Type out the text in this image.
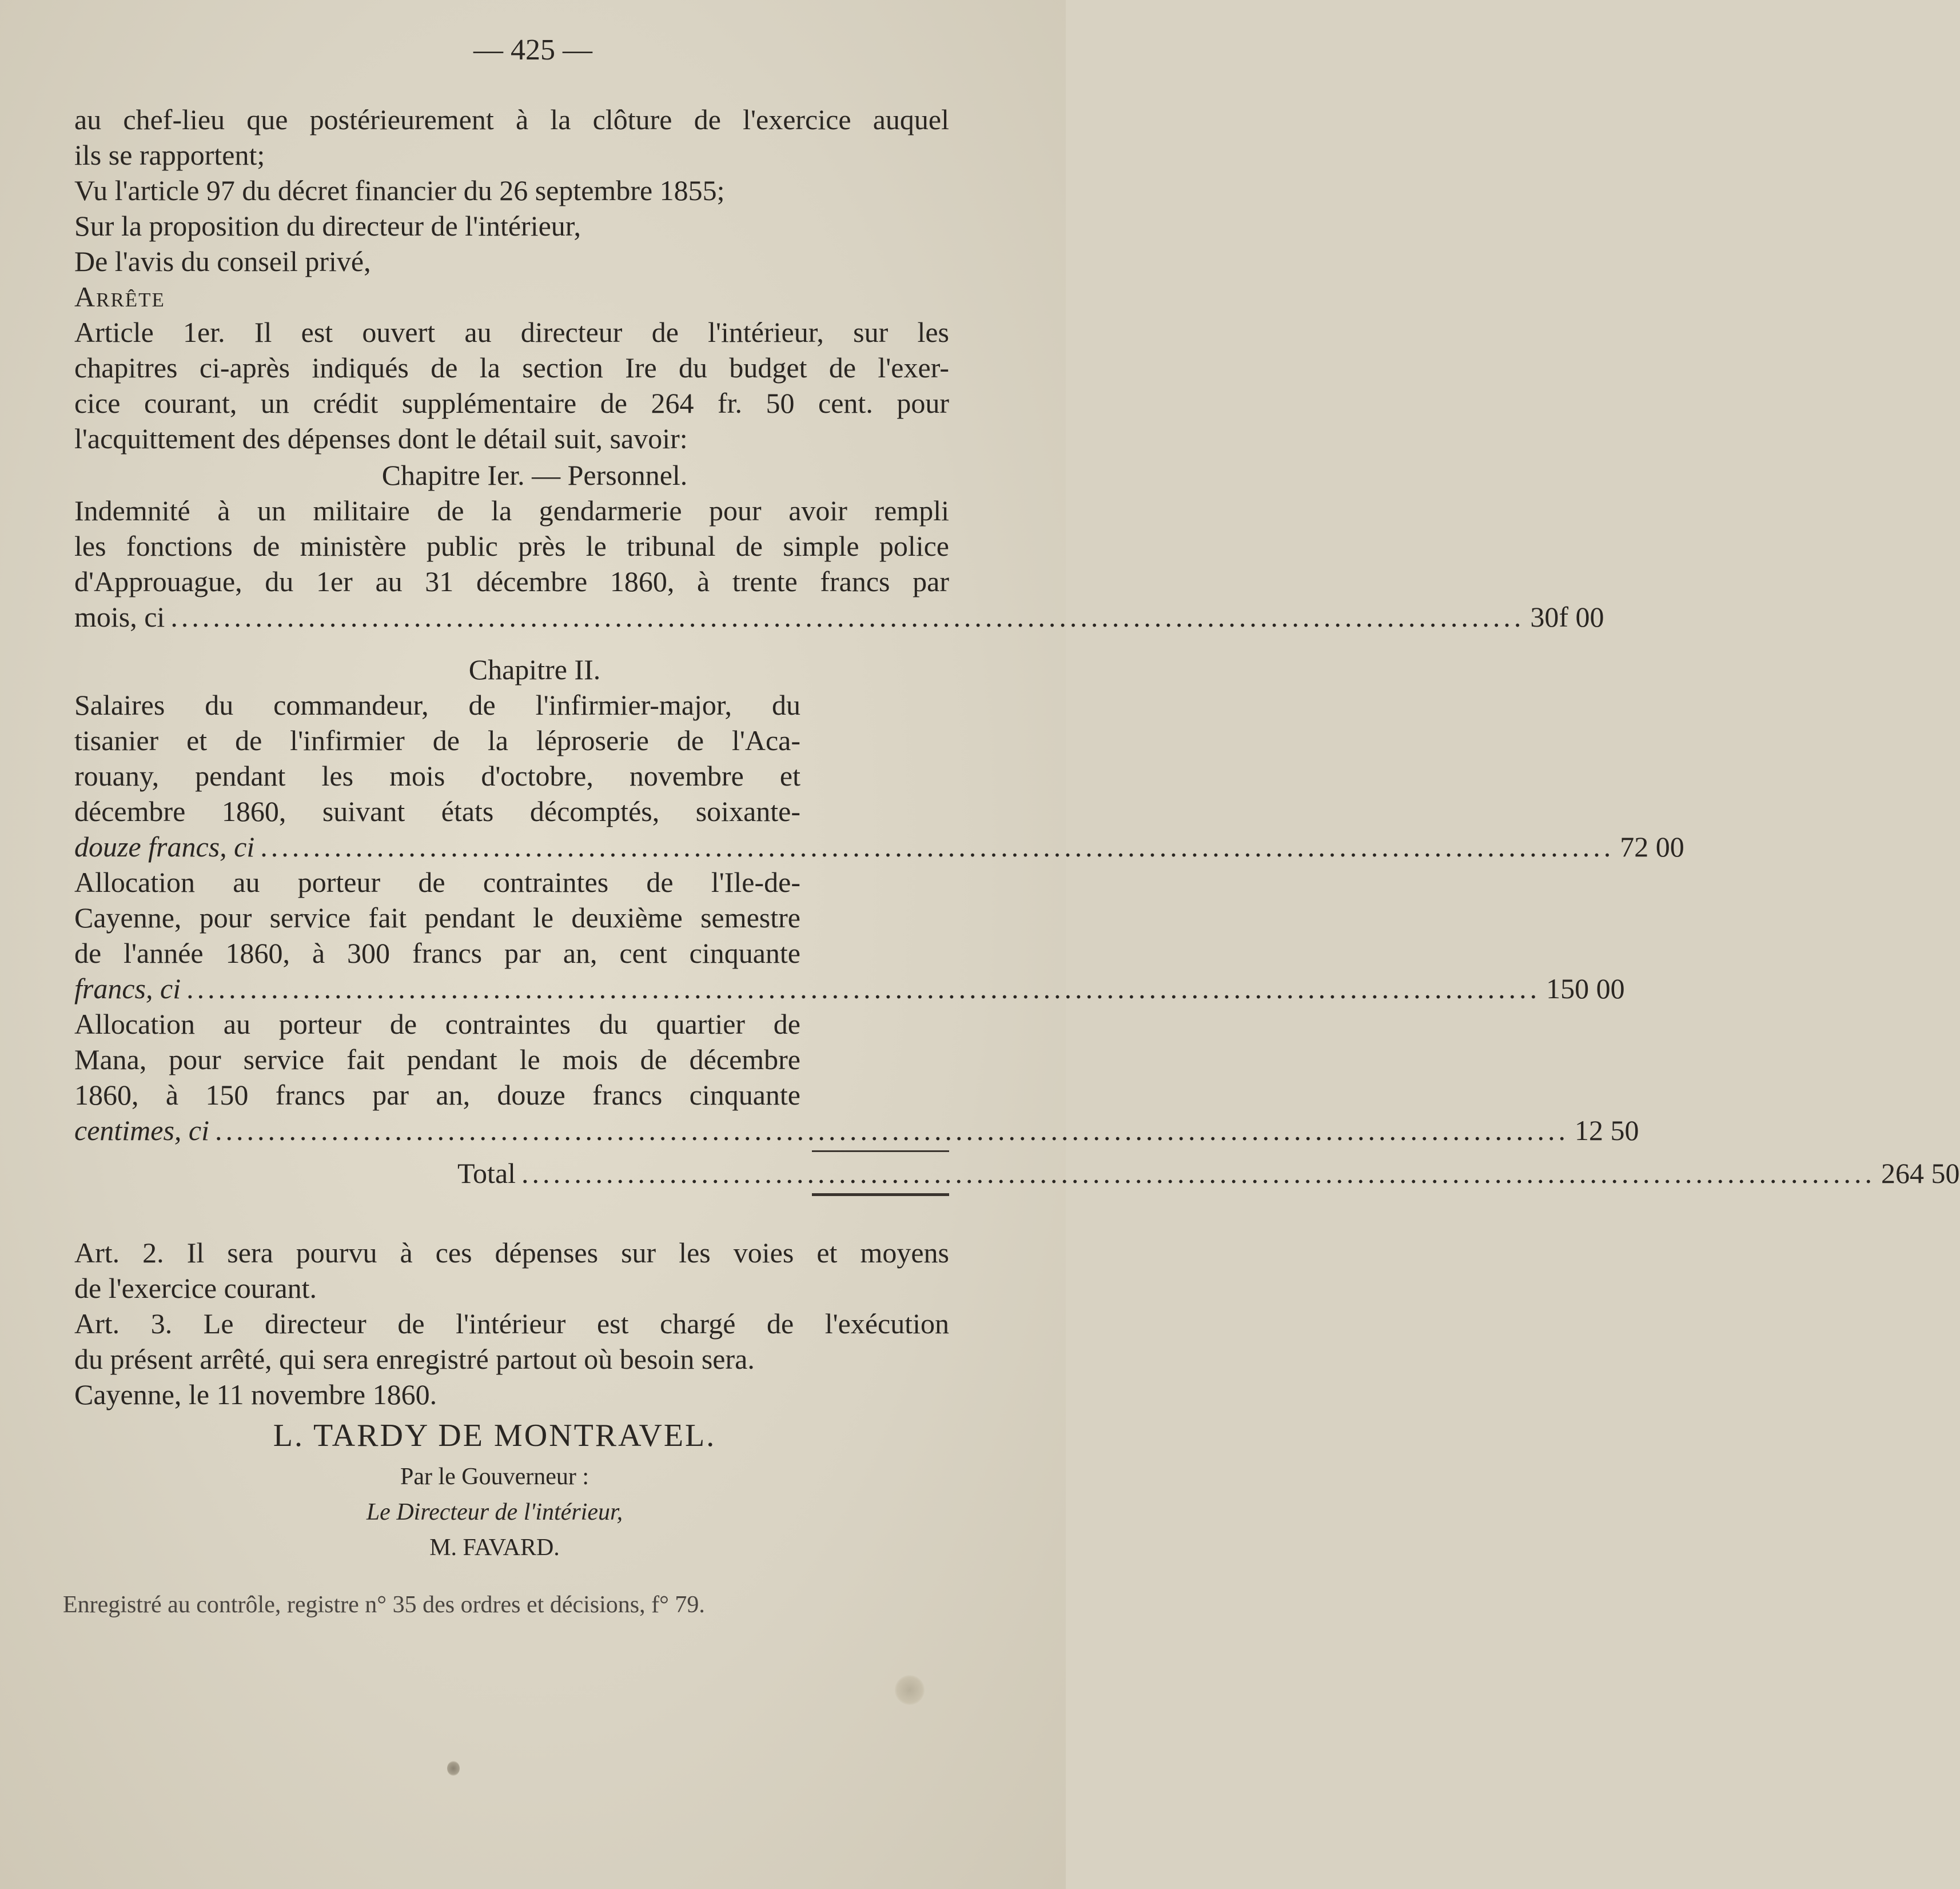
— 425 —
au chef-lieu que postérieurement à la clôture de l'exercice auquel
ils se rapportent;
Vu l'article 97 du décret financier du 26 septembre 1855;
Sur la proposition du directeur de l'intérieur,
De l'avis du conseil privé,
Arrête
Article 1er. Il est ouvert au directeur de l'intérieur, sur les
chapitres ci-après indiqués de la section Ire du budget de l'exer-
cice courant, un crédit supplémentaire de 264 fr. 50 cent. pour
l'acquittement des dépenses dont le détail suit, savoir:
Chapitre Ier. — Personnel.
Indemnité à un militaire de la gendarmerie pour avoir rempli
les fonctions de ministère public près le tribunal de simple police
d'Approuague, du 1er au 31 décembre 1860, à trente francs par
mois, ci ................................................................................................................................ 30f 00
Chapitre II.
Salaires du commandeur, de l'infirmier-major, du
tisanier et de l'infirmier de la léproserie de l'Aca-
rouany, pendant les mois d'octobre, novembre et
décembre 1860, suivant états décomptés, soixante-
douze francs, ci ................................................................................................................................ 72 00
Allocation au porteur de contraintes de l'Ile-de-
Cayenne, pour service fait pendant le deuxième semestre
de l'année 1860, à 300 francs par an, cent cinquante
francs, ci ................................................................................................................................ 150 00
Allocation au porteur de contraintes du quartier de
Mana, pour service fait pendant le mois de décembre
1860, à 150 francs par an, douze francs cinquante
centimes, ci ................................................................................................................................ 12 50
Total ................................................................................................................................ 264 50
Art. 2. Il sera pourvu à ces dépenses sur les voies et moyens
de l'exercice courant.
Art. 3. Le directeur de l'intérieur est chargé de l'exécution
du présent arrêté, qui sera enregistré partout où besoin sera.
Cayenne, le 11 novembre 1860.
L. TARDY DE MONTRAVEL.
Par le Gouverneur :
Le Directeur de l'intérieur,
M. FAVARD.
Enregistré au contrôle, registre n° 35 des ordres et décisions, f° 79.
